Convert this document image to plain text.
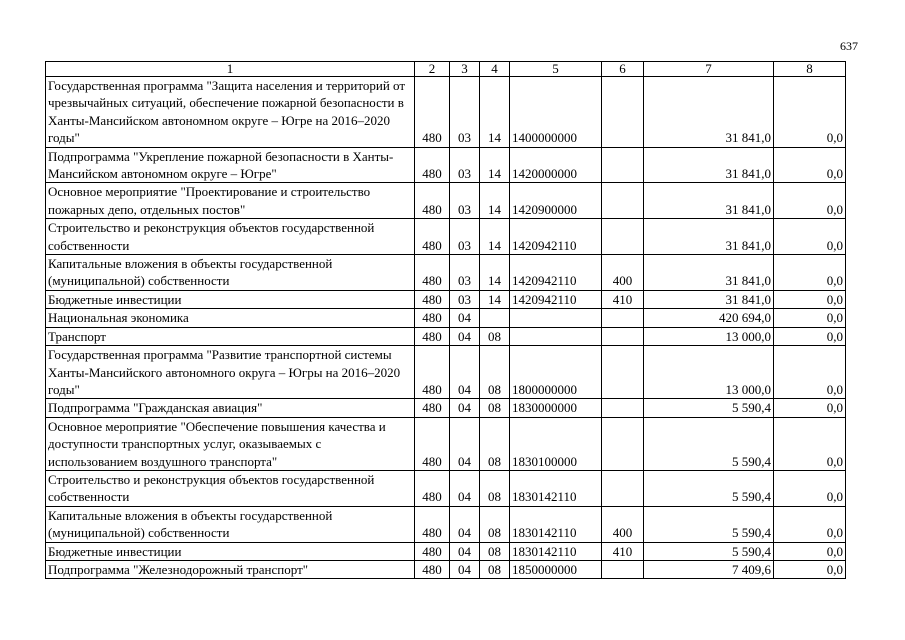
637
1	2	3	4	5	6	7	8
Государственная программа "Защита населения и территорий от чрезвычайных ситуаций, обеспечение пожарной безопасности в Ханты-Мансийском автономном округе – Югре на 2016–2020 годы"	480	03	14	1400000000		31 841,0	0,0
Подпрограмма "Укрепление пожарной безопасности в Ханты-Мансийском автономном округе – Югре"	480	03	14	1420000000		31 841,0	0,0
Основное мероприятие "Проектирование и строительство пожарных депо, отдельных постов"	480	03	14	1420900000		31 841,0	0,0
Строительство и реконструкция объектов государственной собственности	480	03	14	1420942110		31 841,0	0,0
Капитальные вложения в объекты государственной (муниципальной) собственности	480	03	14	1420942110	400	31 841,0	0,0
Бюджетные инвестиции	480	03	14	1420942110	410	31 841,0	0,0
Национальная экономика	480	04				420 694,0	0,0
Транспорт	480	04	08			13 000,0	0,0
Государственная программа "Развитие транспортной системы Ханты-Мансийского автономного округа – Югры на 2016–2020 годы"	480	04	08	1800000000		13 000,0	0,0
Подпрограмма "Гражданская авиация"	480	04	08	1830000000		5 590,4	0,0
Основное мероприятие "Обеспечение повышения качества и доступности транспортных услуг, оказываемых с использованием воздушного транспорта"	480	04	08	1830100000		5 590,4	0,0
Строительство и реконструкция объектов государственной собственности	480	04	08	1830142110		5 590,4	0,0
Капитальные вложения в объекты государственной (муниципальной) собственности	480	04	08	1830142110	400	5 590,4	0,0
Бюджетные инвестиции	480	04	08	1830142110	410	5 590,4	0,0
Подпрограмма "Железнодорожный транспорт"	480	04	08	1850000000		7 409,6	0,0
